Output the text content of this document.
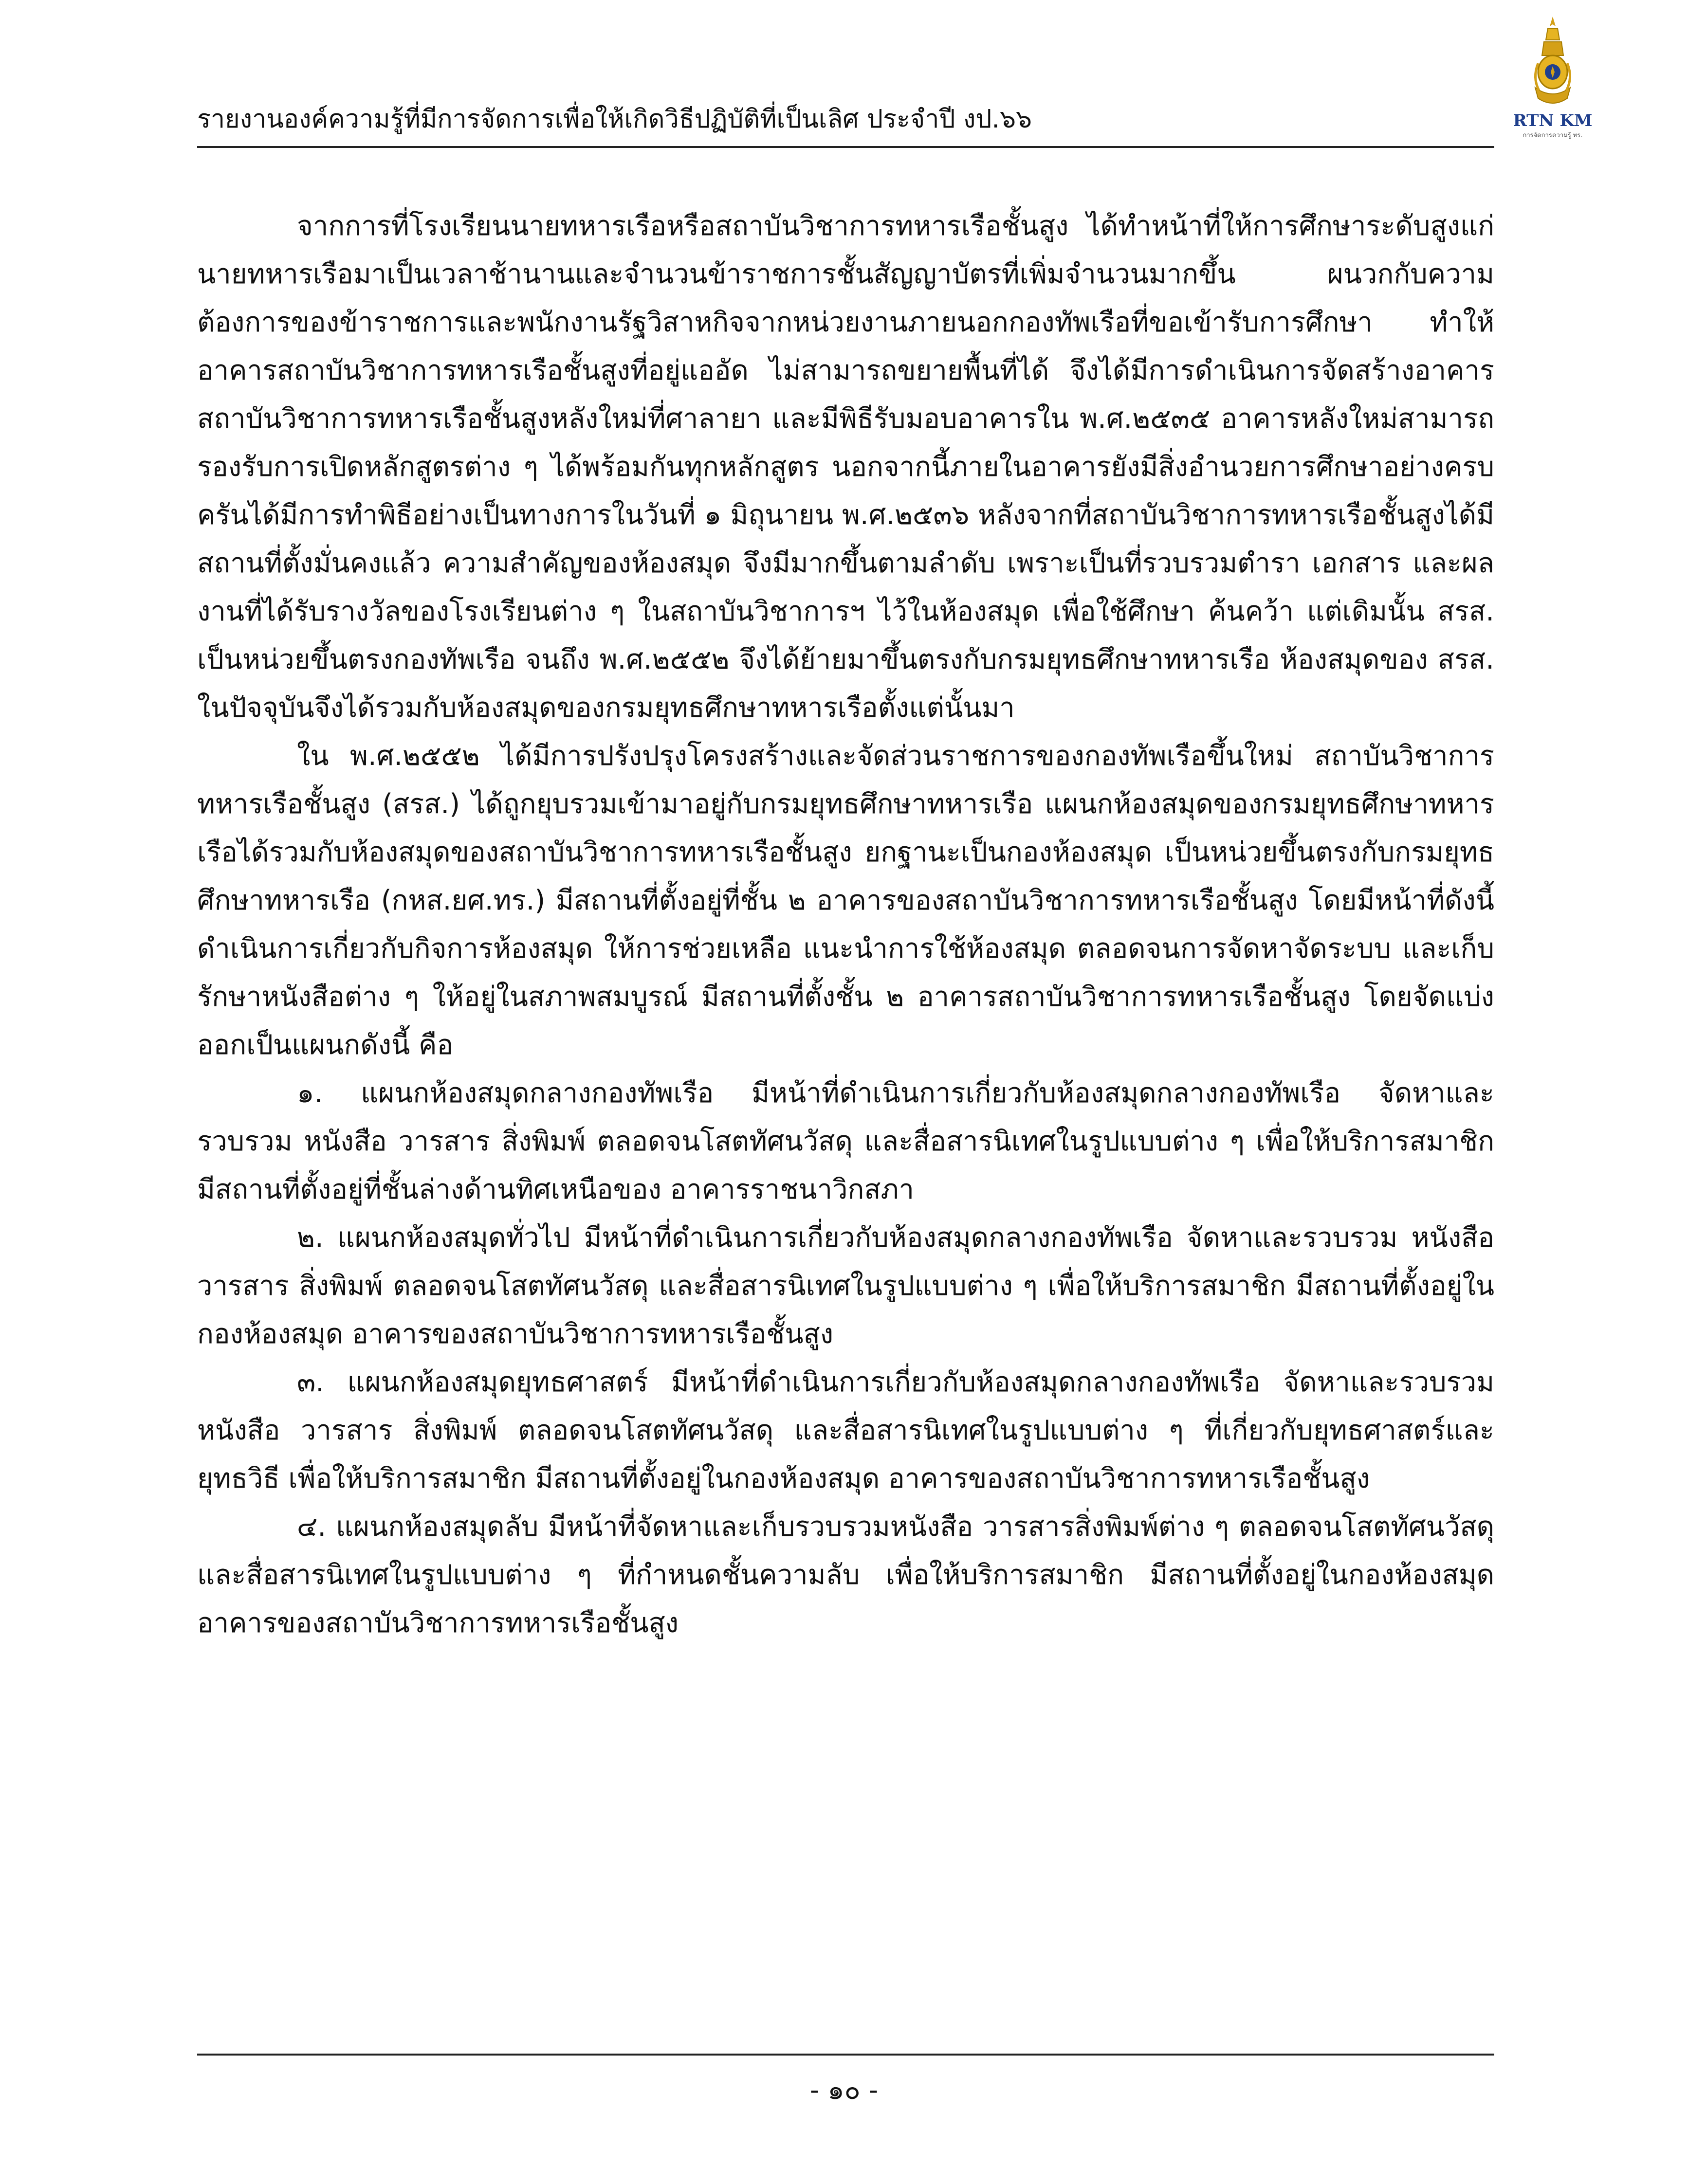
รายงานองค์ความรู้ที่มีการจัดการเพื่อให้เกิดวิธีปฏิบัติที่เป็นเลิศ ประจำปี งป.๖๖	RTN KM
การจัดการความรู้ ทร.

จากการที่โรงเรียนนายทหารเรือหรือสถาบันวิชาการทหารเรือชั้นสูง ได้ทำหน้าที่ให้การศึกษาระดับสูงแก่นายทหารเรือมาเป็นเวลาช้านานและจำนวนข้าราชการชั้นสัญญาบัตรที่เพิ่มจำนวนมากขึ้น ผนวกกับความต้องการของข้าราชการและพนักงานรัฐวิสาหกิจจากหน่วยงานภายนอกกองทัพเรือที่ขอเข้ารับการศึกษา ทำให้อาคารสถาบันวิชาการทหารเรือชั้นสูงที่อยู่แออัด ไม่สามารถขยายพื้นที่ได้ จึงได้มีการดำเนินการจัดสร้างอาคารสถาบันวิชาการทหารเรือชั้นสูงหลังใหม่ที่ศาลายา และมีพิธีรับมอบอาคารใน พ.ศ.๒๕๓๕ อาคารหลังใหม่สามารถรองรับการเปิดหลักสูตรต่าง ๆ ได้พร้อมกันทุกหลักสูตร นอกจากนี้ภายในอาคารยังมีสิ่งอำนวยการศึกษาอย่างครบครันได้มีการทำพิธีอย่างเป็นทางการในวันที่ ๑ มิถุนายน พ.ศ.๒๕๓๖ หลังจากที่สถาบันวิชาการทหารเรือชั้นสูงได้มีสถานที่ตั้งมั่นคงแล้ว ความสำคัญของห้องสมุด จึงมีมากขึ้นตามลำดับ เพราะเป็นที่รวบรวมตำรา เอกสาร และผลงานที่ได้รับรางวัลของโรงเรียนต่าง ๆ ในสถาบันวิชาการฯ ไว้ในห้องสมุด เพื่อใช้ศึกษา ค้นคว้า แต่เดิมนั้น สรส. เป็นหน่วยขึ้นตรงกองทัพเรือ จนถึง พ.ศ.๒๕๕๒ จึงได้ย้ายมาขึ้นตรงกับกรมยุทธศึกษาทหารเรือ ห้องสมุดของ สรส. ในปัจจุบันจึงได้รวมกับห้องสมุดของกรมยุทธศึกษาทหารเรือตั้งแต่นั้นมา

ใน พ.ศ.๒๕๕๒ ได้มีการปรังปรุงโครงสร้างและจัดส่วนราชการของกองทัพเรือขึ้นใหม่ สถาบันวิชาการทหารเรือชั้นสูง (สรส.) ได้ถูกยุบรวมเข้ามาอยู่กับกรมยุทธศึกษาทหารเรือ แผนกห้องสมุดของกรมยุทธศึกษาทหารเรือได้รวมกับห้องสมุดของสถาบันวิชาการทหารเรือชั้นสูง ยกฐานะเป็นกองห้องสมุด เป็นหน่วยขึ้นตรงกับกรมยุทธศึกษาทหารเรือ (กหส.ยศ.ทร.) มีสถานที่ตั้งอยู่ที่ชั้น ๒ อาคารของสถาบันวิชาการทหารเรือชั้นสูง โดยมีหน้าที่ดังนี้ดำเนินการเกี่ยวกับกิจการห้องสมุด ให้การช่วยเหลือ แนะนำการใช้ห้องสมุด ตลอดจนการจัดหาจัดระบบ และเก็บรักษาหนังสือต่าง ๆ ให้อยู่ในสภาพสมบูรณ์ มีสถานที่ตั้งชั้น ๒ อาคารสถาบันวิชาการทหารเรือชั้นสูง โดยจัดแบ่งออกเป็นแผนกดังนี้ คือ

๑. แผนกห้องสมุดกลางกองทัพเรือ มีหน้าที่ดำเนินการเกี่ยวกับห้องสมุดกลางกองทัพเรือ จัดหาและรวบรวม หนังสือ วารสาร สิ่งพิมพ์ ตลอดจนโสตทัศนวัสดุ และสื่อสารนิเทศในรูปแบบต่าง ๆ เพื่อให้บริการสมาชิก มีสถานที่ตั้งอยู่ที่ชั้นล่างด้านทิศเหนือของ อาคารราชนาวิกสภา

๒. แผนกห้องสมุดทั่วไป มีหน้าที่ดำเนินการเกี่ยวกับห้องสมุดกลางกองทัพเรือ จัดหาและรวบรวม หนังสือ วารสาร สิ่งพิมพ์ ตลอดจนโสตทัศนวัสดุ และสื่อสารนิเทศในรูปแบบต่าง ๆ เพื่อให้บริการสมาชิก มีสถานที่ตั้งอยู่ในกองห้องสมุด อาคารของสถาบันวิชาการทหารเรือชั้นสูง

๓. แผนกห้องสมุดยุทธศาสตร์ มีหน้าที่ดำเนินการเกี่ยวกับห้องสมุดกลางกองทัพเรือ จัดหาและรวบรวม หนังสือ วารสาร สิ่งพิมพ์ ตลอดจนโสตทัศนวัสดุ และสื่อสารนิเทศในรูปแบบต่าง ๆ ที่เกี่ยวกับยุทธศาสตร์และยุทธวิธี เพื่อให้บริการสมาชิก มีสถานที่ตั้งอยู่ในกองห้องสมุด อาคารของสถาบันวิชาการทหารเรือชั้นสูง

๔. แผนกห้องสมุดลับ มีหน้าที่จัดหาและเก็บรวบรวมหนังสือ วารสารสิ่งพิมพ์ต่าง ๆ ตลอดจนโสตทัศนวัสดุ และสื่อสารนิเทศในรูปแบบต่าง ๆ ที่กำหนดชั้นความลับ เพื่อให้บริการสมาชิก มีสถานที่ตั้งอยู่ในกองห้องสมุด อาคารของสถาบันวิชาการทหารเรือชั้นสูง

- ๑๐ -
